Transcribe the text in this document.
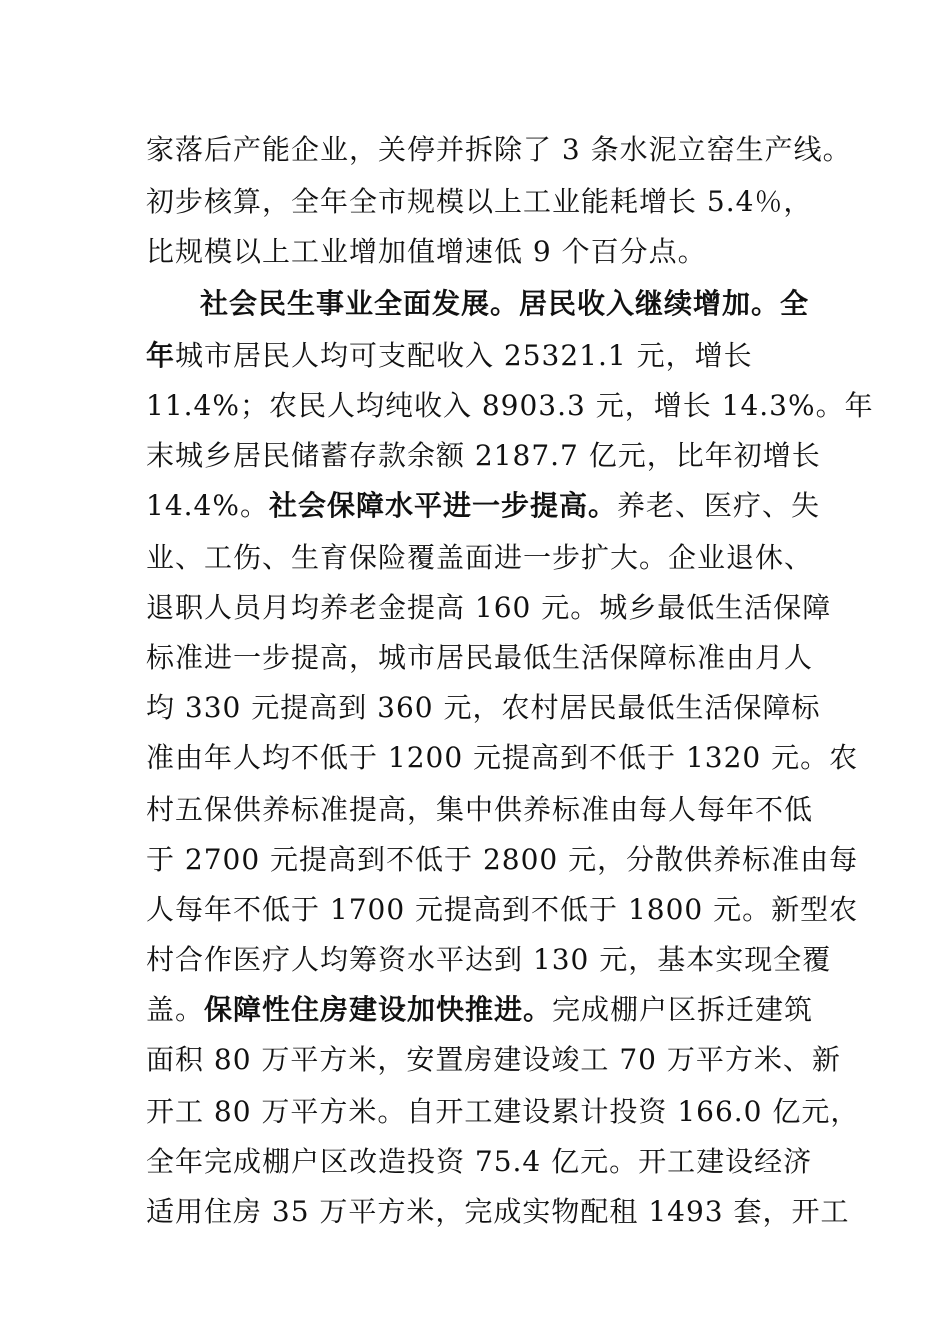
家落后产能企业，关停并拆除了 3 条水泥立窑生产线。
初步核算，全年全市规模以上工业能耗增长 5.4％，
比规模以上工业增加值增速低 9 个百分点。
社会民生事业全面发展。居民收入继续增加。全
年城市居民人均可支配收入 25321.1 元，增长
11.4%；农民人均纯收入 8903.3 元，增长 14.3%。年
末城乡居民储蓄存款余额 2187.7 亿元，比年初增长
14.4%。社会保障水平进一步提高。养老、医疗、失
业、工伤、生育保险覆盖面进一步扩大。企业退休、
退职人员月均养老金提高 160 元。城乡最低生活保障
标准进一步提高，城市居民最低生活保障标准由月人
均 330 元提高到 360 元，农村居民最低生活保障标
准由年人均不低于 1200 元提高到不低于 1320 元。农
村五保供养标准提高，集中供养标准由每人每年不低
于 2700 元提高到不低于 2800 元，分散供养标准由每
人每年不低于 1700 元提高到不低于 1800 元。新型农
村合作医疗人均筹资水平达到 130 元，基本实现全覆
盖。保障性住房建设加快推进。完成棚户区拆迁建筑
面积 80 万平方米，安置房建设竣工 70 万平方米、新
开工 80 万平方米。自开工建设累计投资 166.0 亿元，
全年完成棚户区改造投资 75.4 亿元。开工建设经济
适用住房 35 万平方米，完成实物配租 1493 套，开工
